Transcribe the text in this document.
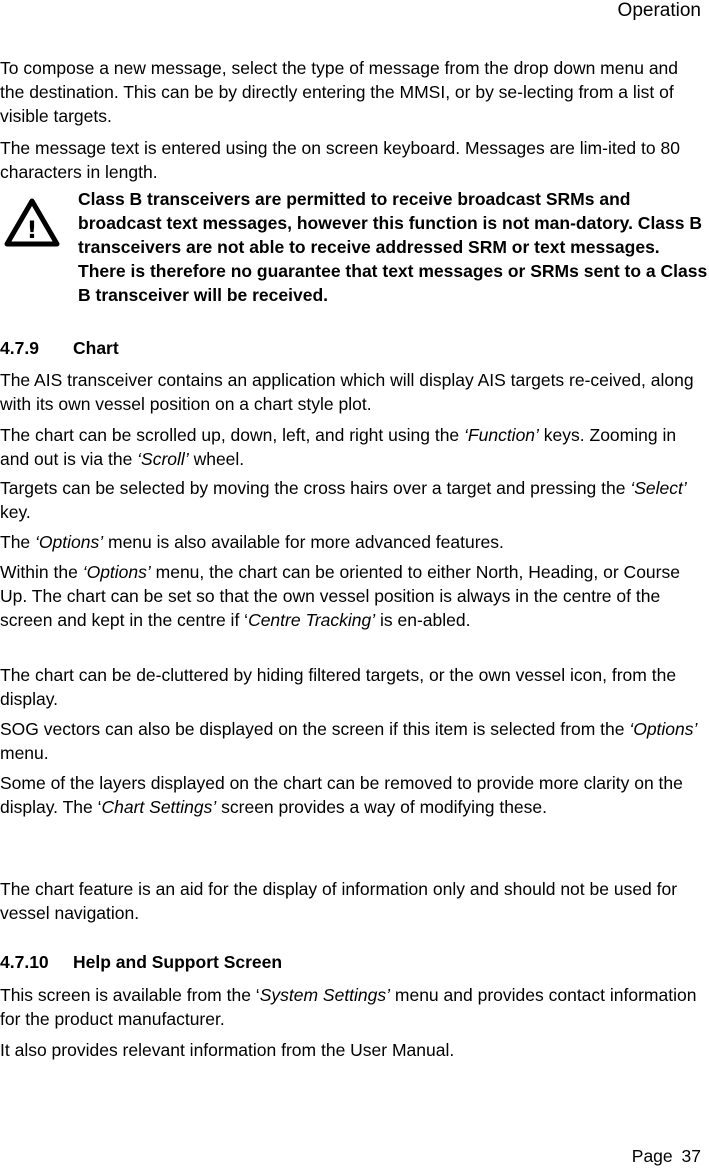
Operation

To compose a new message, select the type of message from the drop down menu and the destination. This can be by directly entering the MMSI, or by se-lecting from a list of visible targets.

The message text is entered using the on screen keyboard. Messages are lim-ited to 80 characters in length.

!
Class B transceivers are permitted to receive broadcast SRMs and broadcast text messages, however this function is not man-datory. Class B transceivers are not able to receive addressed SRM or text messages. There is therefore no guarantee that text messages or SRMs sent to a Class B transceiver will be received.
4.7.9 Chart

The AIS transceiver contains an application which will display AIS targets re-ceived, along with its own vessel position on a chart style plot.

The chart can be scrolled up, down, left, and right using the ‘Function’ keys. Zooming in and out is via the ‘Scroll’ wheel.

Targets can be selected by moving the cross hairs over a target and pressing the ‘Select’ key.

The ‘Options’ menu is also available for more advanced features.

Within the ‘Options’ menu, the chart can be oriented to either North, Heading, or Course Up. The chart can be set so that the own vessel position is always in the centre of the screen and kept in the centre if ‘Centre Tracking’ is en-abled.

The chart can be de-cluttered by hiding filtered targets, or the own vessel icon, from the display.

SOG vectors can also be displayed on the screen if this item is selected from the ‘Options’ menu.

Some of the layers displayed on the chart can be removed to provide more clarity on the display. The ‘Chart Settings’ screen provides a way of modifying these.

The chart feature is an aid for the display of information only and should not be used for vessel navigation.

4.7.10 Help and Support Screen

This screen is available from the ‘System Settings’ menu and provides contact information for the product manufacturer.

It also provides relevant information from the User Manual.

Page 37
